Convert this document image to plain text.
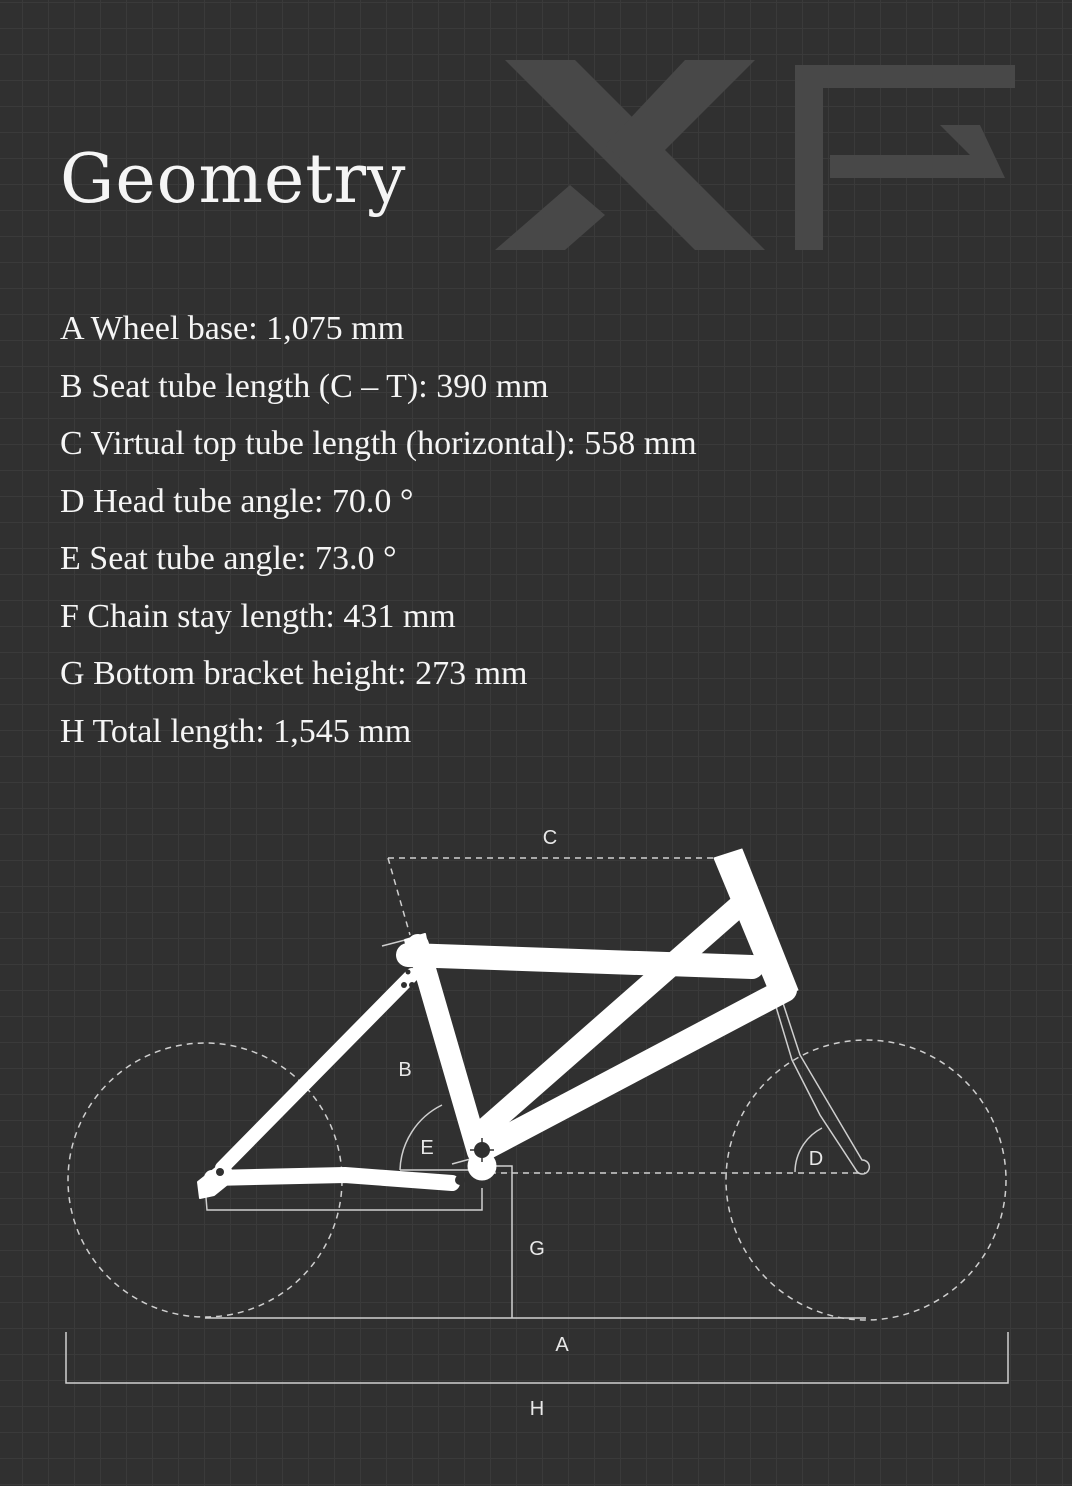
Geometry
A Wheel base: 1,075 mm
B Seat tube length (C – T): 390 mm
C Virtual top tube length (horizontal): 558 mm
D Head tube angle: 70.0 °
E Seat tube angle: 73.0 °
F Chain stay length: 431 mm
G Bottom bracket height: 273 mm
H Total length: 1,545 mm
C
B
E	D
G
A
H
